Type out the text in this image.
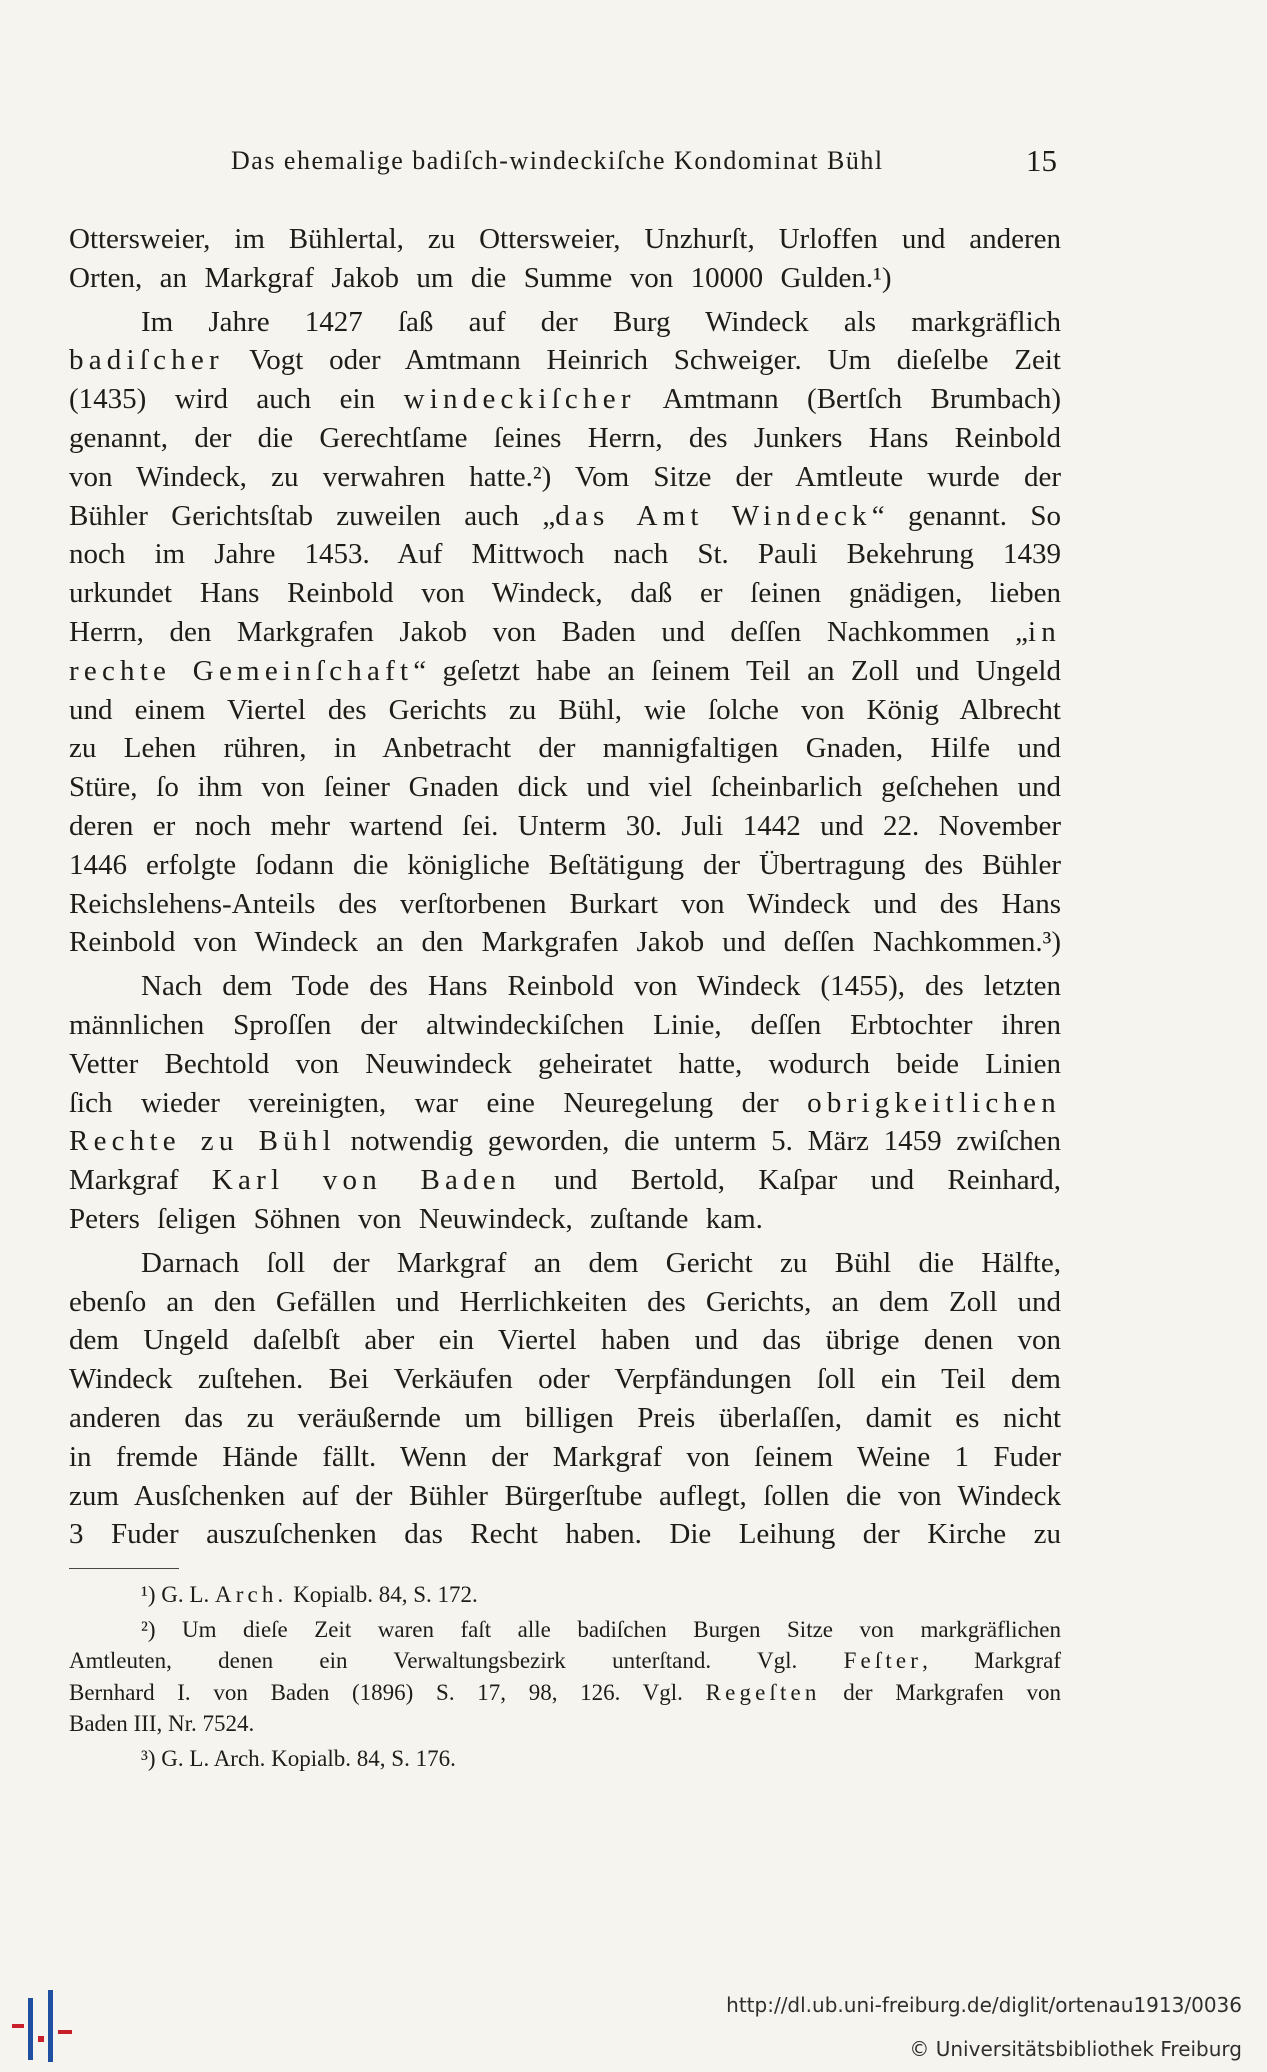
Das ehemalige badiſch-windeckiſche Kondominat Bühl	15
Ottersweier, im Bühlertal, zu Ottersweier, Unzhurſt, Urloffen und anderen
Orten, an Markgraf Jakob um die Summe von 10000 Gulden.¹)
Im Jahre 1427 ſaß auf der Burg Windeck als markgräflich
badiſcher Vogt oder Amtmann Heinrich Schweiger. Um dieſelbe Zeit
(1435) wird auch ein windeckiſcher Amtmann (Bertſch Brumbach)
genannt, der die Gerechtſame ſeines Herrn, des Junkers Hans Reinbold
von Windeck, zu verwahren hatte.²) Vom Sitze der Amtleute wurde der
Bühler Gerichtsſtab zuweilen auch „das Amt Windeck“ genannt. So
noch im Jahre 1453. Auf Mittwoch nach St. Pauli Bekehrung 1439
urkundet Hans Reinbold von Windeck, daß er ſeinen gnädigen, lieben
Herrn, den Markgrafen Jakob von Baden und deſſen Nachkommen „in
rechte Gemeinſchaft“ geſetzt habe an ſeinem Teil an Zoll und Ungeld
und einem Viertel des Gerichts zu Bühl, wie ſolche von König Albrecht
zu Lehen rühren, in Anbetracht der mannigfaltigen Gnaden, Hilfe und
Stüre, ſo ihm von ſeiner Gnaden dick und viel ſcheinbarlich geſchehen und
deren er noch mehr wartend ſei. Unterm 30. Juli 1442 und 22. November
1446 erfolgte ſodann die königliche Beſtätigung der Übertragung des Bühler
Reichslehens-Anteils des verſtorbenen Burkart von Windeck und des Hans
Reinbold von Windeck an den Markgrafen Jakob und deſſen Nachkommen.³)
Nach dem Tode des Hans Reinbold von Windeck (1455), des letzten
männlichen Sproſſen der altwindeckiſchen Linie, deſſen Erbtochter ihren
Vetter Bechtold von Neuwindeck geheiratet hatte, wodurch beide Linien
ſich wieder vereinigten, war eine Neuregelung der obrigkeitlichen
Rechte zu Bühl notwendig geworden, die unterm 5. März 1459 zwiſchen
Markgraf Karl von Baden und Bertold, Kaſpar und Reinhard,
Peters ſeligen Söhnen von Neuwindeck, zuſtande kam.
Darnach ſoll der Markgraf an dem Gericht zu Bühl die Hälfte,
ebenſo an den Gefällen und Herrlichkeiten des Gerichts, an dem Zoll und
dem Ungeld daſelbſt aber ein Viertel haben und das übrige denen von
Windeck zuſtehen. Bei Verkäufen oder Verpfändungen ſoll ein Teil dem
anderen das zu veräußernde um billigen Preis überlaſſen, damit es nicht
in fremde Hände fällt. Wenn der Markgraf von ſeinem Weine 1 Fuder
zum Ausſchenken auf der Bühler Bürgerſtube auflegt, ſollen die von Windeck
3 Fuder auszuſchenken das Recht haben. Die Leihung der Kirche zu
¹) G. L. Arch. Kopialb. 84, S. 172.
²) Um dieſe Zeit waren faſt alle badiſchen Burgen Sitze von markgräflichen
Amtleuten, denen ein Verwaltungsbezirk unterſtand. Vgl. Feſter, Markgraf
Bernhard I. von Baden (1896) S. 17, 98, 126. Vgl. Regeſten der Markgrafen von
Baden III, Nr. 7524.
³) G. L. Arch. Kopialb. 84, S. 176.
http://dl.ub.uni-freiburg.de/diglit/ortenau1913/0036
© Universitätsbibliothek Freiburg
